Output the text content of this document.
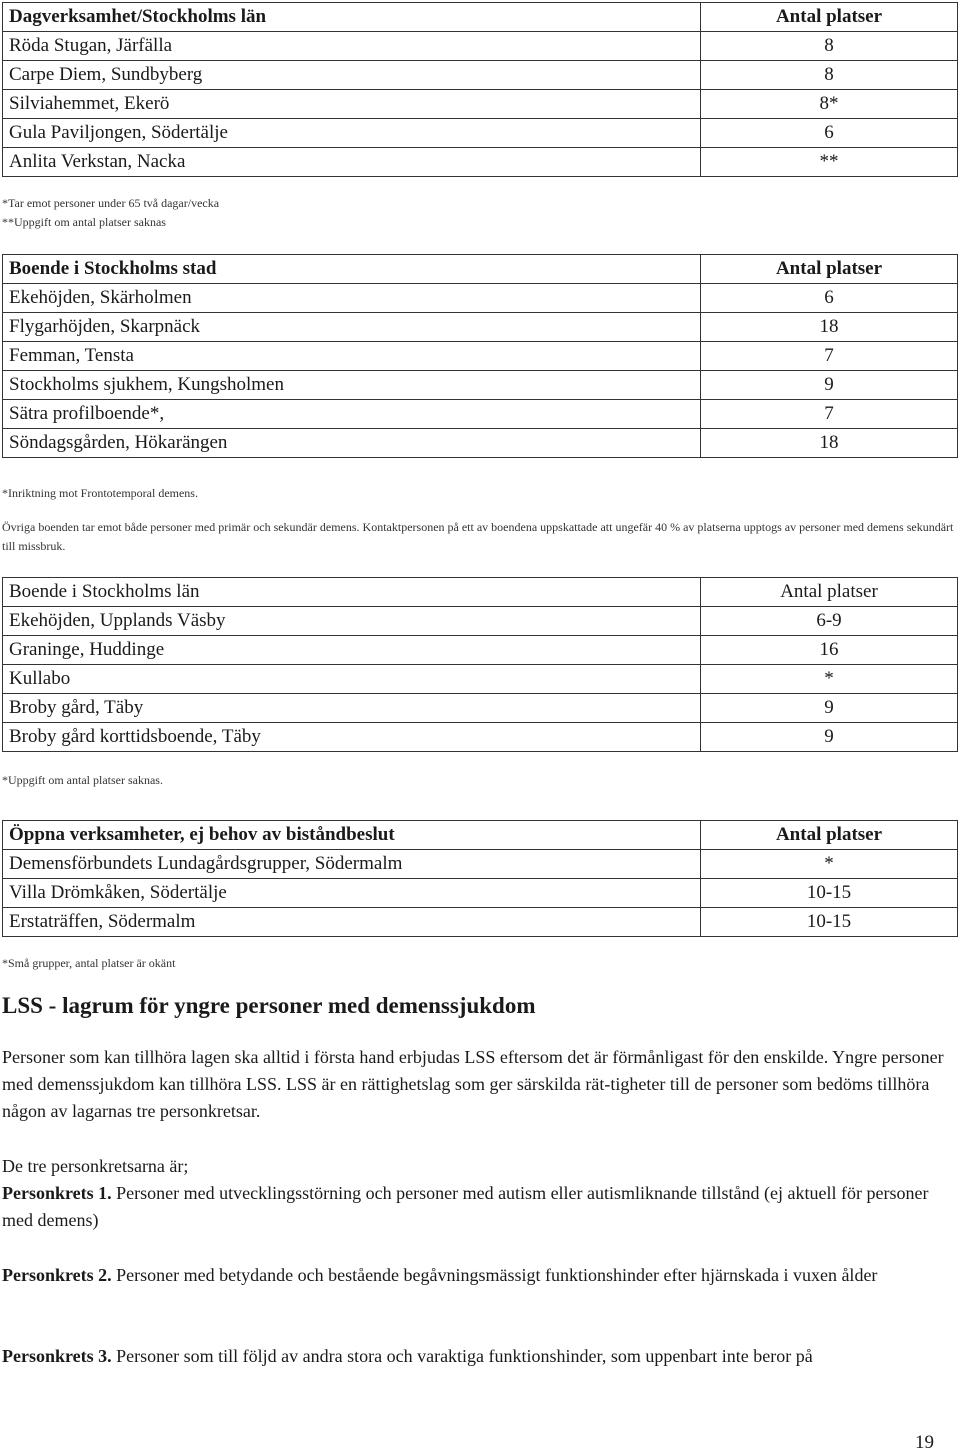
Dagverksamhet/Stockholms län	Antal platser
Röda Stugan, Järfälla	8
Carpe Diem, Sundbyberg	8
Silviahemmet, Ekerö	8*
Gula Paviljongen, Södertälje	6
Anlita Verkstan, Nacka	**
*Tar emot personer under 65 två dagar/vecka
**Uppgift om antal platser saknas
Boende i Stockholms stad	Antal platser
Ekehöjden, Skärholmen	6
Flygarhöjden, Skarpnäck	18
Femman, Tensta	7
Stockholms sjukhem, Kungsholmen	9
Sätra profilboende*,	7
Söndagsgården, Hökarängen	18
*Inriktning mot Frontotemporal demens.
Övriga boenden tar emot både personer med primär och sekundär demens. Kontaktpersonen på ett av boendena uppskattade att ungefär 40 % av platserna upptogs av personer med demens sekundärt till missbruk.
Boende i Stockholms län	Antal platser
Ekehöjden, Upplands Väsby	6-9
Graninge, Huddinge	16
Kullabo	*
Broby gård, Täby	9
Broby gård korttidsboende, Täby	9
*Uppgift om antal platser saknas.
Öppna verksamheter, ej behov av biståndbeslut	Antal platser
Demensförbundets Lundagårdsgrupper, Södermalm	*
Villa Drömkåken, Södertälje	10-15
Erstaträffen, Södermalm	10-15
*Små grupper, antal platser är okänt
LSS - lagrum för yngre personer med demenssjukdom
Personer som kan tillhöra lagen ska alltid i första hand erbjudas LSS eftersom det är förmånligast för den enskilde. Yngre personer med demenssjukdom kan tillhöra LSS. LSS är en rättighetslag som ger särskilda rät-tigheter till de personer som bedöms tillhöra någon av lagarnas tre personkretsar.
De tre personkretsarna är;
Personkrets 1. Personer med utvecklingsstörning och personer med autism eller autismliknande tillstånd (ej aktuell för personer med demens)
Personkrets 2. Personer med betydande och bestående begåvningsmässigt funktionshinder efter hjärnskada i vuxen ålder
Personkrets 3. Personer som till följd av andra stora och varaktiga funktionshinder, som uppenbart inte beror på
19
